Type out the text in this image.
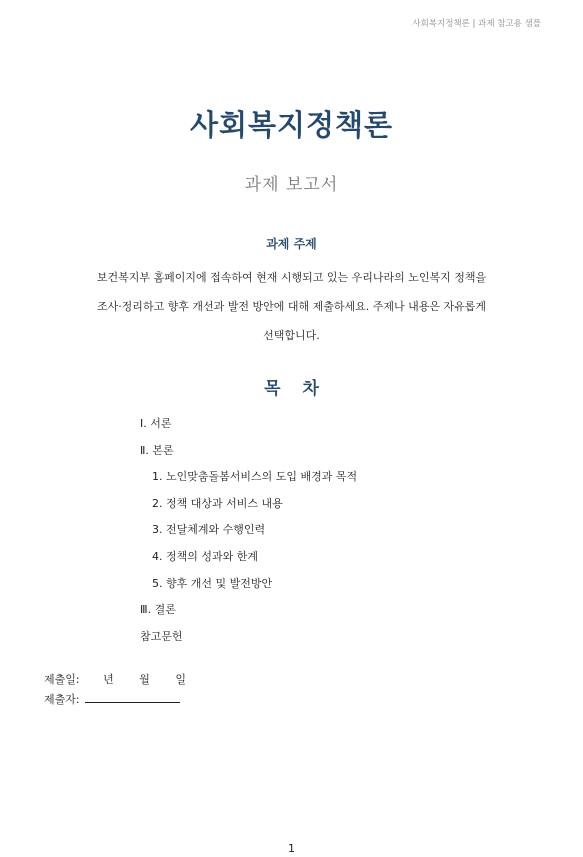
사회복지정책론 | 과제 참고용 샘플
사회복지정책론
과제 보고서
과제 주제
보건복지부 홈페이지에 접속하여 현재 시행되고 있는 우리나라의 노인복지 정책을
조사·정리하고 향후 개선과 발전 방안에 대해 제출하세요. 주제나 내용은 자유롭게
선택합니다.
목 차
Ⅰ. 서론
Ⅱ. 본론
1. 노인맞춤돌봄서비스의 도입 배경과 목적
2. 정책 대상과 서비스 내용
3. 전달체계와 수행인력
4. 정책의 성과와 한계
5. 향후 개선 및 발전방안
Ⅲ. 결론
참고문헌
제출일: 년 월 일
제출자:
1
